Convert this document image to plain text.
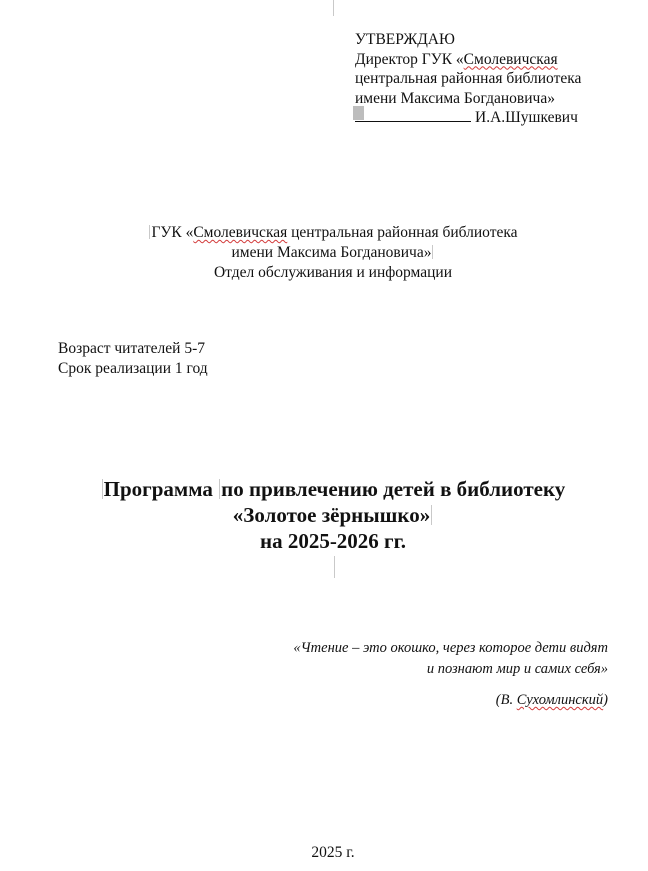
УТВЕРЖДАЮ
Директор ГУК «Смолевичская
центральная районная библиотека
имени Максима Богдановича»
И.А.Шушкевич
ГУК «Смолевичская центральная районная библиотека
имени Максима Богдановича»
Отдел обслуживания и информации
Возраст читателей 5-7
Срок реализации 1 год
Программа по привлечению детей в библиотеку
«Золотое зёрнышко»
на 2025-2026 гг.
«Чтение – это окошко, через которое дети видят
и познают мир и самих себя»
(В. Сухомлинский)
2025 г.
